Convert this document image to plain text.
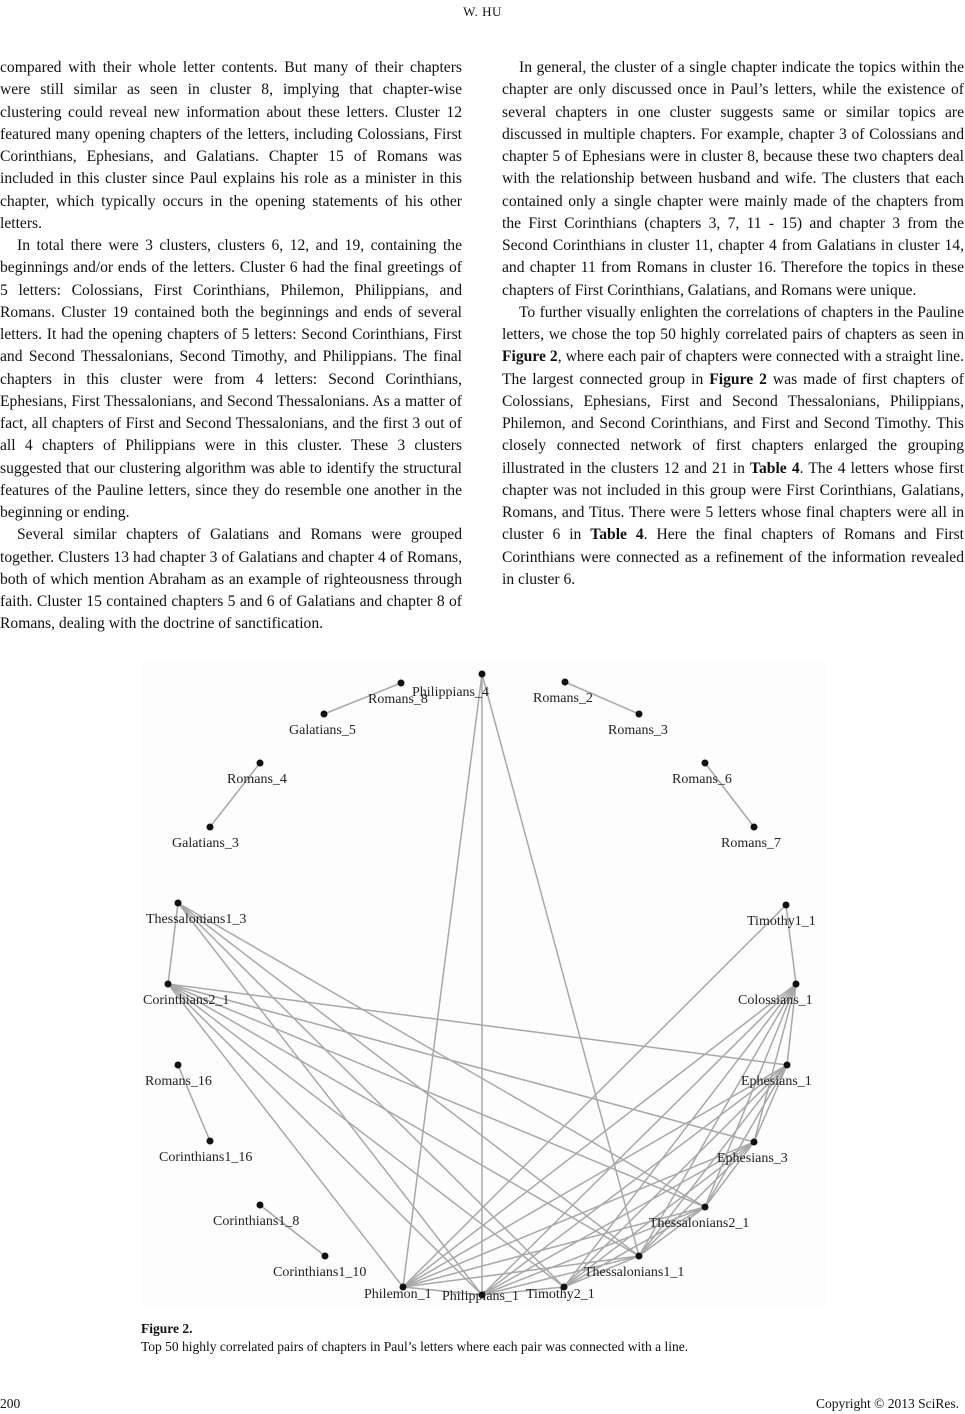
W. HU

compared with their whole letter contents. But many of their chapters were still similar as seen in cluster 8, implying that chapter-wise clustering could reveal new information about these letters. Cluster 12 featured many opening chapters of the letters, including Colossians, First Corinthians, Ephesians, and Galatians. Chapter 15 of Romans was included in this cluster since Paul explains his role as a minister in this chapter, which typically occurs in the opening statements of his other letters.

In total there were 3 clusters, clusters 6, 12, and 19, containing the beginnings and/or ends of the letters. Cluster 6 had the final greetings of 5 letters: Colossians, First Corinthians, Philemon, Philippians, and Romans. Cluster 19 contained both the beginnings and ends of several letters. It had the opening chapters of 5 letters: Second Corinthians, First and Second Thessalonians, Second Timothy, and Philippians. The final chapters in this cluster were from 4 letters: Second Corinthians, Ephesians, First Thessalonians, and Second Thessalonians. As a matter of fact, all chapters of First and Second Thessalonians, and the first 3 out of all 4 chapters of Philippians were in this cluster. These 3 clusters suggested that our clustering algorithm was able to identify the structural features of the Pauline letters, since they do resemble one another in the beginning or ending.

Several similar chapters of Galatians and Romans were grouped together. Clusters 13 had chapter 3 of Galatians and chapter 4 of Romans, both of which mention Abraham as an example of righteousness through faith. Cluster 15 contained chapters 5 and 6 of Galatians and chapter 8 of Romans, dealing with the doctrine of sanctification.

In general, the cluster of a single chapter indicate the topics within the chapter are only discussed once in Paul’s letters, while the existence of several chapters in one cluster suggests same or similar topics are discussed in multiple chapters. For example, chapter 3 of Colossians and chapter 5 of Ephesians were in cluster 8, because these two chapters deal with the relationship between husband and wife. The clusters that each contained only a single chapter were mainly made of the chapters from the First Corinthians (chapters 3, 7, 11 - 15) and chapter 3 from the Second Corinthians in cluster 11, chapter 4 from Galatians in cluster 14, and chapter 11 from Romans in cluster 16. Therefore the topics in these chapters of First Corinthians, Galatians, and Romans were unique.

To further visually enlighten the correlations of chapters in the Pauline letters, we chose the top 50 highly correlated pairs of chapters as seen in Figure 2, where each pair of chapters were connected with a straight line. The largest connected group in Figure 2 was made of first chapters of Colossians, Ephesians, First and Second Thessalonians, Philippians, Philemon, and Second Corinthians, and First and Second Timothy. This closely connected network of first chapters enlarged the grouping illustrated in the clusters 12 and 21 in Table 4. The 4 letters whose first chapter was not included in this group were First Corinthians, Galatians, Romans, and Titus. There were 5 letters whose final chapters were all in cluster 6 in Table 4. Here the final chapters of Romans and First Corinthians were connected as a refinement of the information revealed in cluster 6.

Philippians_4	Romans_2
Romans_8
Galatians_5	Romans_3
Romans_4	Romans_6
Galatians_3	Romans_7
Thessalonians1_3	Timothy1_1
Corinthians2_1	Colossians_1
Romans_16	Ephesians_1
Corinthians1_16	Ephesians_3
Corinthians1_8	Thessalonians2_1
Corinthians1_10	Thessalonians1_1
Philemon_1 Philippians_1 Timothy2_1
Figure 2.
Top 50 highly correlated pairs of chapters in Paul’s letters where each pair was connected with a line.
200	Copyright © 2013 SciRes.
